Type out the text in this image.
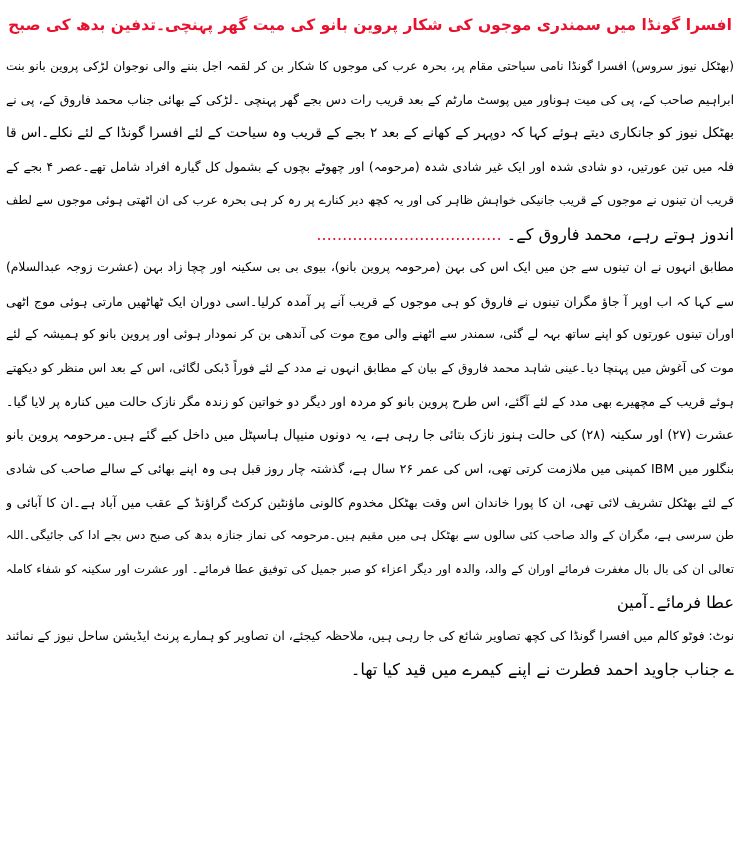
افسرا گونڈا میں سمندری موجوں کی شکار پروین بانو کی میت گھر پہنچی۔تدفین بدھ کی صبح
(بھٹکل نیوز سروس) افسرا گونڈا نامی سیاحتی مقام پر، بحرہ عرب کی موجوں کا شکار بن کر لقمہ اجل بننے والی نوجوان لڑکی پروین بانو بنت
ابراہیم صاحب کے، پی کی میت ہوناور میں پوسٹ مارٹم کے بعد قریب رات دس بجے گھر پہنچی ۔لڑکی کے بھائی جناب محمد فاروق کے، پی نے
بھٹکل نیوز کو جانکاری دیتے ہوئے کہا کہ دوپہر کے کھانے کے بعد ۲ بجے کے قریب وہ سیاحت کے لئے افسرا گونڈا کے لئے نکلے۔اس قا
فلہ میں تین عورتیں، دو شادی شدہ اور ایک غیر شادی شدہ (مرحومہ) اور چھوٹے بچوں کے بشمول کل گیارہ افراد شامل تھے۔عصر ۴ بجے کے
قریب ان تینوں نے موجوں کے قریب جانیکی خواہش ظاہر کی اور یہ کچھ دیر کنارے پر رہ کر ہی بحرہ عرب کی ان اٹھتی ہوئی موجوں سے لطف
اندوز ہوتے رہے، محمد فاروق کے۔ ....................................
مطابق انہوں نے ان تینوں سے جن میں ایک اس کی بہن (مرحومہ پروین بانو)، بیوی بی بی سکینہ اور چچا زاد بہن (عشرت زوجہ عبدالسلام)
سے کہا کہ اب اوپر آ جاؤ مگران تینوں نے فاروق کو ہی موجوں کے قریب آنے پر آمدہ کرلیا۔اسی دوران ایک ٹھاٹھیں مارتی ہوئی موج اٹھی
اوران تینوں عورتوں کو اپنے ساتھ بہہ لے گئی، سمندر سے اٹھنے والی موج موت کی آندھی بن کر نمودار ہوئی اور پروین بانو کو ہمیشہ کے لئے
موت کی آغوش میں پہنچا دیا۔عینی شاہد محمد فاروق کے بیان کے مطابق انہوں نے مدد کے لئے فوراً ڈبکی لگائی، اس کے بعد اس منظر کو دیکھتے
ہوئے قریب کے مچھیرے بھی مدد کے لئے آگئے، اس طرح پروین بانو کو مردہ اور دیگر دو خواتین کو زندہ مگر نازک حالت میں کنارہ پر لایا گیا۔
عشرت (۲۷) اور سکینہ (۲۸) کی حالت ہنوز نازک بتائی جا رہی ہے، یہ دونوں منیپال ہاسپٹل میں داخل کیے گئے ہیں۔مرحومہ پروین بانو
بنگلور میں IBM کمپنی میں ملازمت کرتی تھی، اس کی عمر ۲۶ سال ہے، گذشتہ چار روز قبل ہی وہ اپنے بھائی کے سالے صاحب کی شادی
کے لئے بھٹکل تشریف لائی تھی، ان کا پورا خاندان اس وقت بھٹکل مخدوم کالونی ماؤنٹین کرکٹ گراؤنڈ کے عقب میں آباد ہے۔ان کا آبائی و
طن سرسی ہے، مگران کے والد صاحب کئی سالوں سے بھٹکل ہی میں مقیم ہیں۔مرحومہ کی نماز جنازہ بدھ کی صبح دس بجے ادا کی جائیگی۔اللہ
تعالی ان کی بال بال مغفرت فرمائے اوران کے والد، والدہ اور دیگر اعزاء کو صبر جمیل کی توفیق عطا فرمائے۔ اور عشرت اور سکینہ کو شفاء کاملہ
عطا فرمائے۔آمین
نوٹ: فوٹو کالم میں افسرا گونڈا کی کچھ تصاویر شائع کی جا رہی ہیں، ملاحظہ کیجئے، ان تصاویر کو ہمارے پرنٹ ایڈیشن ساحل نیوز کے نمائند
ے جناب جاوید احمد فطرت نے اپنے کیمرے میں قید کیا تھا۔
